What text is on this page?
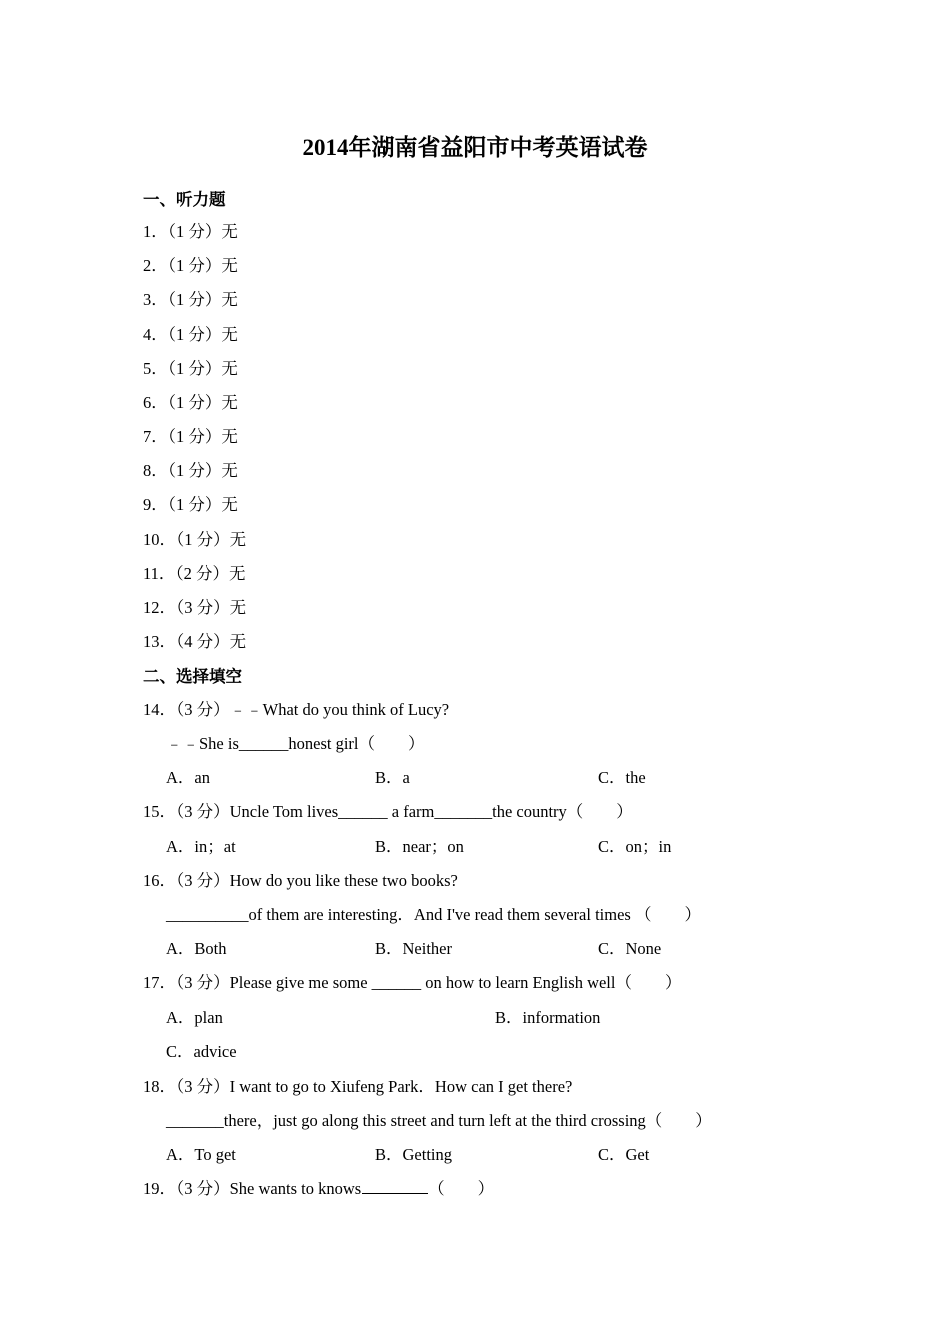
2014年湖南省益阳市中考英语试卷
一、听力题
1．（1 分）无
2．（1 分）无
3．（1 分）无
4．（1 分）无
5．（1 分）无
6．（1 分）无
7．（1 分）无
8．（1 分）无
9．（1 分）无
10．（1 分）无
11．（2 分）无
12．（3 分）无
13．（4 分）无
二、选择填空
14．（3 分）﹣﹣What do you think of Lucy?
﹣﹣She is______honest girl（　　）
A．an	B．a	C．the
15．（3 分）Uncle Tom lives______ a farm_______the country（　　）
A．in；at	B．near；on	C．on；in
16．（3 分）How do you like these two books?
__________of them are interesting．And I've read them several times （　　）
A．Both	B．Neither	C．None
17．（3 分）Please give me some ______ on how to learn English well（　　）
A．plan	B．information
C．advice
18．（3 分）I want to go to Xiufeng Park．How can I get there?
_______there，just go along this street and turn left at the third crossing（　　）
A．To get	B．Getting	C．Get
19．（3 分）She wants to knows	（　　）
